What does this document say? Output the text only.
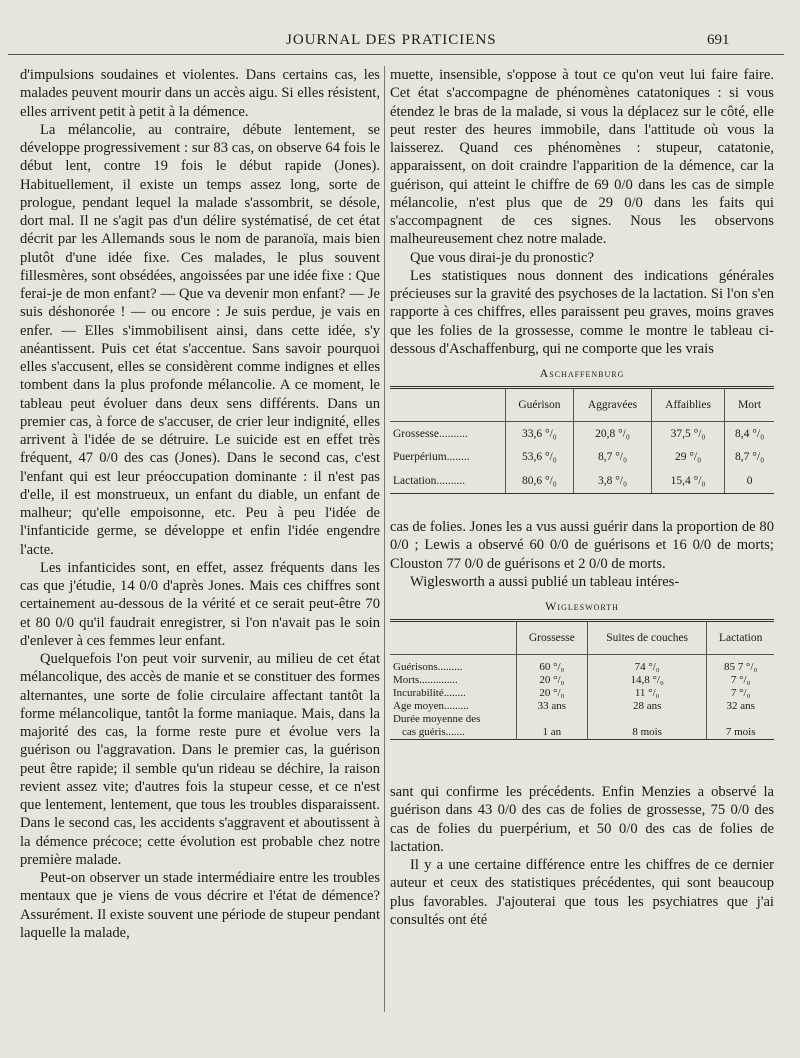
JOURNAL DES PRATICIENS	691

d'impulsions soudaines et violentes. Dans certains cas, les malades peuvent mourir dans un accès aigu. Si elles résistent, elles arrivent petit à petit à la démence.

La mélancolie, au contraire, débute lentement, se développe progressivement : sur 83 cas, on observe 64 fois le début lent, contre 19 fois le début rapide (Jones). Habituellement, il existe un temps assez long, sorte de prologue, pendant lequel la malade s'assombrit, se désole, dort mal. Il ne s'agit pas d'un délire systématisé, de cet état décrit par les Allemands sous le nom de paranoïa, mais bien plutôt d'une idée fixe. Ces malades, le plus souvent fillesmères, sont obsédées, angoissées par une idée fixe : Que ferai-je de mon enfant? — Que va devenir mon enfant? — Je suis déshonorée ! — ou encore : Je suis perdue, je vais en enfer. — Elles s'immobilisent ainsi, dans cette idée, s'y anéantissent. Puis cet état s'accentue. Sans savoir pourquoi elles s'accusent, elles se considèrent comme indignes et elles tombent dans la plus profonde mélancolie. A ce moment, le tableau peut évoluer dans deux sens différents. Dans un premier cas, à force de s'accuser, de crier leur indignité, elles arrivent à l'idée de se détruire. Le suicide est en effet très fréquent, 47 0/0 des cas (Jones). Dans le second cas, c'est l'enfant qui est leur préoccupation dominante : il n'est pas d'elle, il est monstrueux, un enfant du diable, un enfant de malheur; qu'elle empoisonne, etc. Peu à peu l'idée de l'infanticide germe, se développe et enfin l'idée engendre l'acte.

Les infanticides sont, en effet, assez fréquents dans les cas que j'étudie, 14 0/0 d'après Jones. Mais ces chiffres sont certainement au-dessous de la vérité et ce serait peut-être 70 et 80 0/0 qu'il faudrait enregistrer, si l'on n'avait pas le soin d'enlever à ces femmes leur enfant.

Quelquefois l'on peut voir survenir, au milieu de cet état mélancolique, des accès de manie et se constituer des formes alternantes, une sorte de folie circulaire affectant tantôt la forme mélancolique, tantôt la forme maniaque. Mais, dans la majorité des cas, la forme reste pure et évolue vers la guérison ou l'aggravation. Dans le premier cas, la guérison peut être rapide; il semble qu'un rideau se déchire, la raison revient assez vite; d'autres fois la stupeur cesse, et ce n'est que lentement, lentement, que tous les troubles disparaissent. Dans le second cas, les accidents s'aggravent et aboutissent à la démence précoce; cette évolution est probable chez notre première malade.

Peut-on observer un stade intermédiaire entre les troubles mentaux que je viens de vous décrire et l'état de démence? Assurément. Il existe souvent une période de stupeur pendant laquelle la malade,

muette, insensible, s'oppose à tout ce qu'on veut lui faire faire. Cet état s'accompagne de phénomènes catatoniques : si vous étendez le bras de la malade, si vous la déplacez sur le côté, elle peut rester des heures immobile, dans l'attitude où vous la laisserez. Quand ces phénomènes : stupeur, catatonie, apparaissent, on doit craindre l'apparition de la démence, car la guérison, qui atteint le chiffre de 69 0/0 dans les cas de simple mélancolie, n'est plus que de 29 0/0 dans les faits qui s'accompagnent de ces signes. Nous les observons malheureusement chez notre malade.

Que vous dirai-je du pronostic?

Les statistiques nous donnent des indications générales précieuses sur la gravité des psychoses de la lactation. Si l'on s'en rapporte à ces chiffres, elles paraissent peu graves, moins graves que les folies de la grossesse, comme le montre le tableau ci-dessous d'Aschaffenburg, qui ne comporte que les vrais

Aschaffenburg
	Guérison	Aggravées	Affaiblies	Mort
Grossesse..........	33,6 °/₀	20,8 °/₀	37,5 °/₀	8,4 °/₀
Puerpérium........	53,6 °/₀	8,7 °/₀	29 °/₀	8,7 °/₀
Lactation..........	80,6 °/₀	3,8 °/₀	15,4 °/₀	0

cas de folies. Jones les a vus aussi guérir dans la proportion de 80 0/0 ; Lewis a observé 60 0/0 de guérisons et 16 0/0 de morts; Clouston 77 0/0 de guérisons et 2 0/0 de morts.

Wiglesworth a aussi publié un tableau intéres-

Wiglesworth
	Grossesse	Suites de couches	Lactation

Guérisons.........	60 °/₀	74 °/₀	85 7 °/₀
Morts..............	20 °/₀	14,8 °/₀	7 °/₀
Incurabilité........	20 °/₀	11 °/₀	7 °/₀
Age moyen.........	33 ans	28 ans	32 ans
Durée moyenne des			
cas guéris.......	1 an	8 mois	7 mois

sant qui confirme les précédents. Enfin Menzies a observé la guérison dans 43 0/0 des cas de folies de grossesse, 75 0/0 des cas de folies du puerpérium, et 50 0/0 des cas de folies de lactation.

Il y a une certaine différence entre les chiffres de ce dernier auteur et ceux des statistiques précédentes, qui sont beaucoup plus favorables. J'ajouterai que tous les psychiatres que j'ai consultés ont été
